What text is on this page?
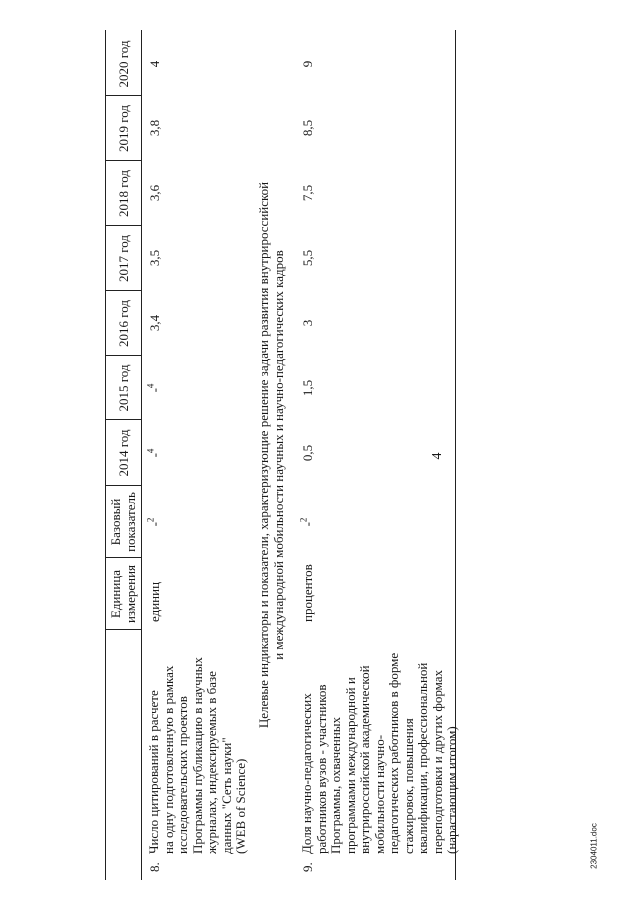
4
2304011.doc
Единица
измерения
Базовый
показатель
2014 год
2015 год
2016 год
2017 год
2018 год
2019 год
2020 год
8.
Число цитирований в расчете
на одну подготовленную в рамках
исследовательских проектов
Программы публикацию в научных
журналах, индексируемых в базе
данных "Сеть науки"
(WEB of Science)
единиц
-$^2$
-$^4$
-$^4$
3,4
3,5
3,6
3,8
4
Целевые индикаторы и показатели, характеризующие решение задачи развития внутрироссийской
и международной мобильности научных и научно-педагогических кадров
9.
Доля научно-педагогических
работников вузов - участников
Программы, охваченных
программами международной и
внутрироссийской академической
мобильности научно-
педагогических работников в форме
стажировок, повышения
квалификации, профессиональной
переподготовки и других формах
(нарастающим итогом)
процентов
-$^2$
0,5
1,5
3
5,5
7,5
8,5
9
